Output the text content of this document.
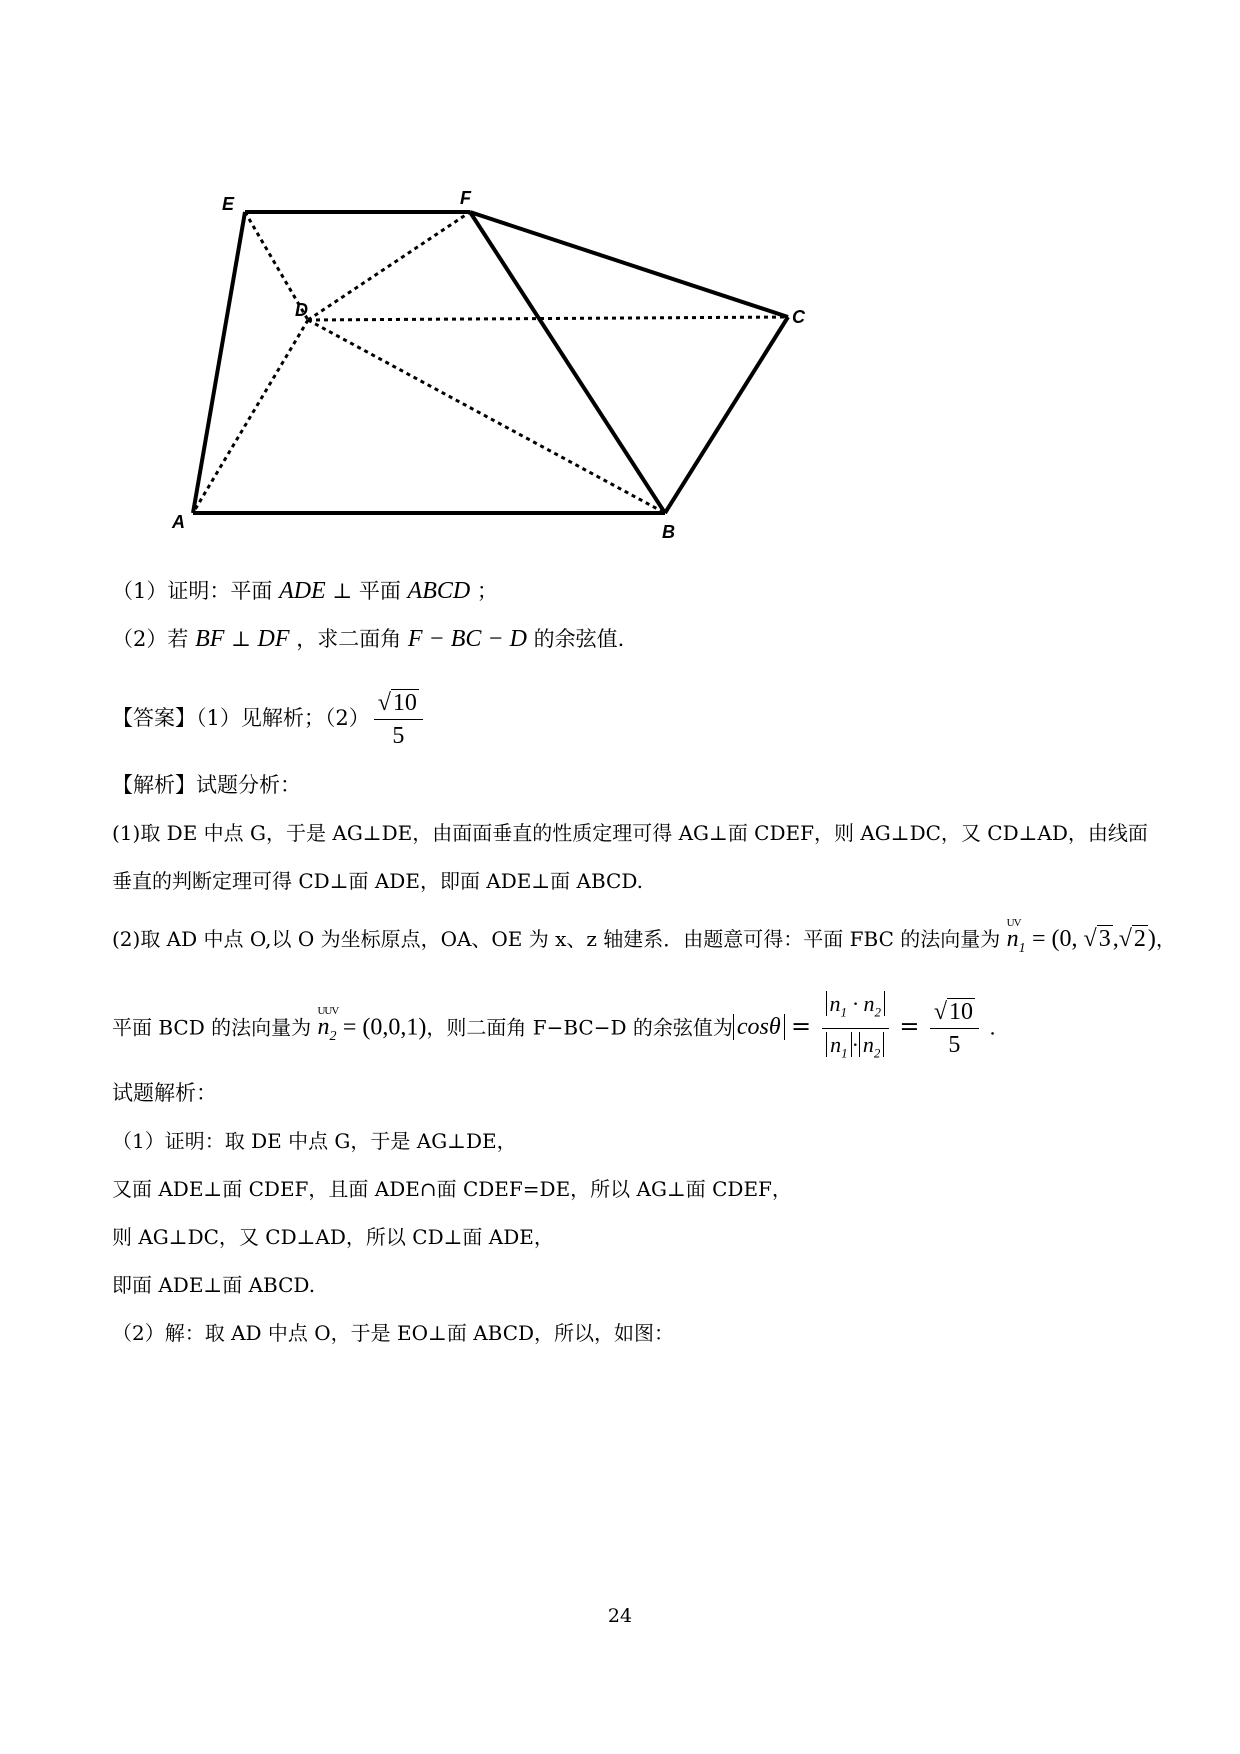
E	F
D	C
A	B
（1）证明：平面 ADE ⊥ 平面 ABCD ；
（2）若 BF ⊥ DF ，求二面角 F − BC − D 的余弦值.
【答案】（1）见解析；$(2) \frac{√10}{5}$
【解析】试题分析：
(1)取 DE 中点 G，于是 AG⊥DE，由面面垂直的性质定理可得 AG⊥面 CDEF，则 AG⊥DC，又 CD⊥AD，由线面
垂直的判断定理可得 CD⊥面 ADE，即面 ADE⊥面 ABCD.
(2)取 AD 中点 O,以 O 为坐标原点，OA、OE 为 x、z 轴建系．由题意可得：平面 FBC 的法向量为
UV
$n_1 = (0$, √3,√2)，
平面 BCD 的法向量为
UUV
$n_2 = (0,0,1)$，则二面角 F−BC−D 的余弦值为 $\cos\theta = \frac{n_1 \cdot n_2}{n_1 \cdot n_2} = \frac{√10}{5}$ .
试题解析：
（1）证明：取 DE 中点 G，于是 AG⊥DE，
又面 ADE⊥面 CDEF，且面 ADE∩面 CDEF=DE，所以 AG⊥面 CDEF，
则 AG⊥DC，又 CD⊥AD，所以 CD⊥面 ADE，
即面 ADE⊥面 ABCD.
（2）解：取 AD 中点 O，于是 EO⊥面 ABCD，所以，如图：
24
